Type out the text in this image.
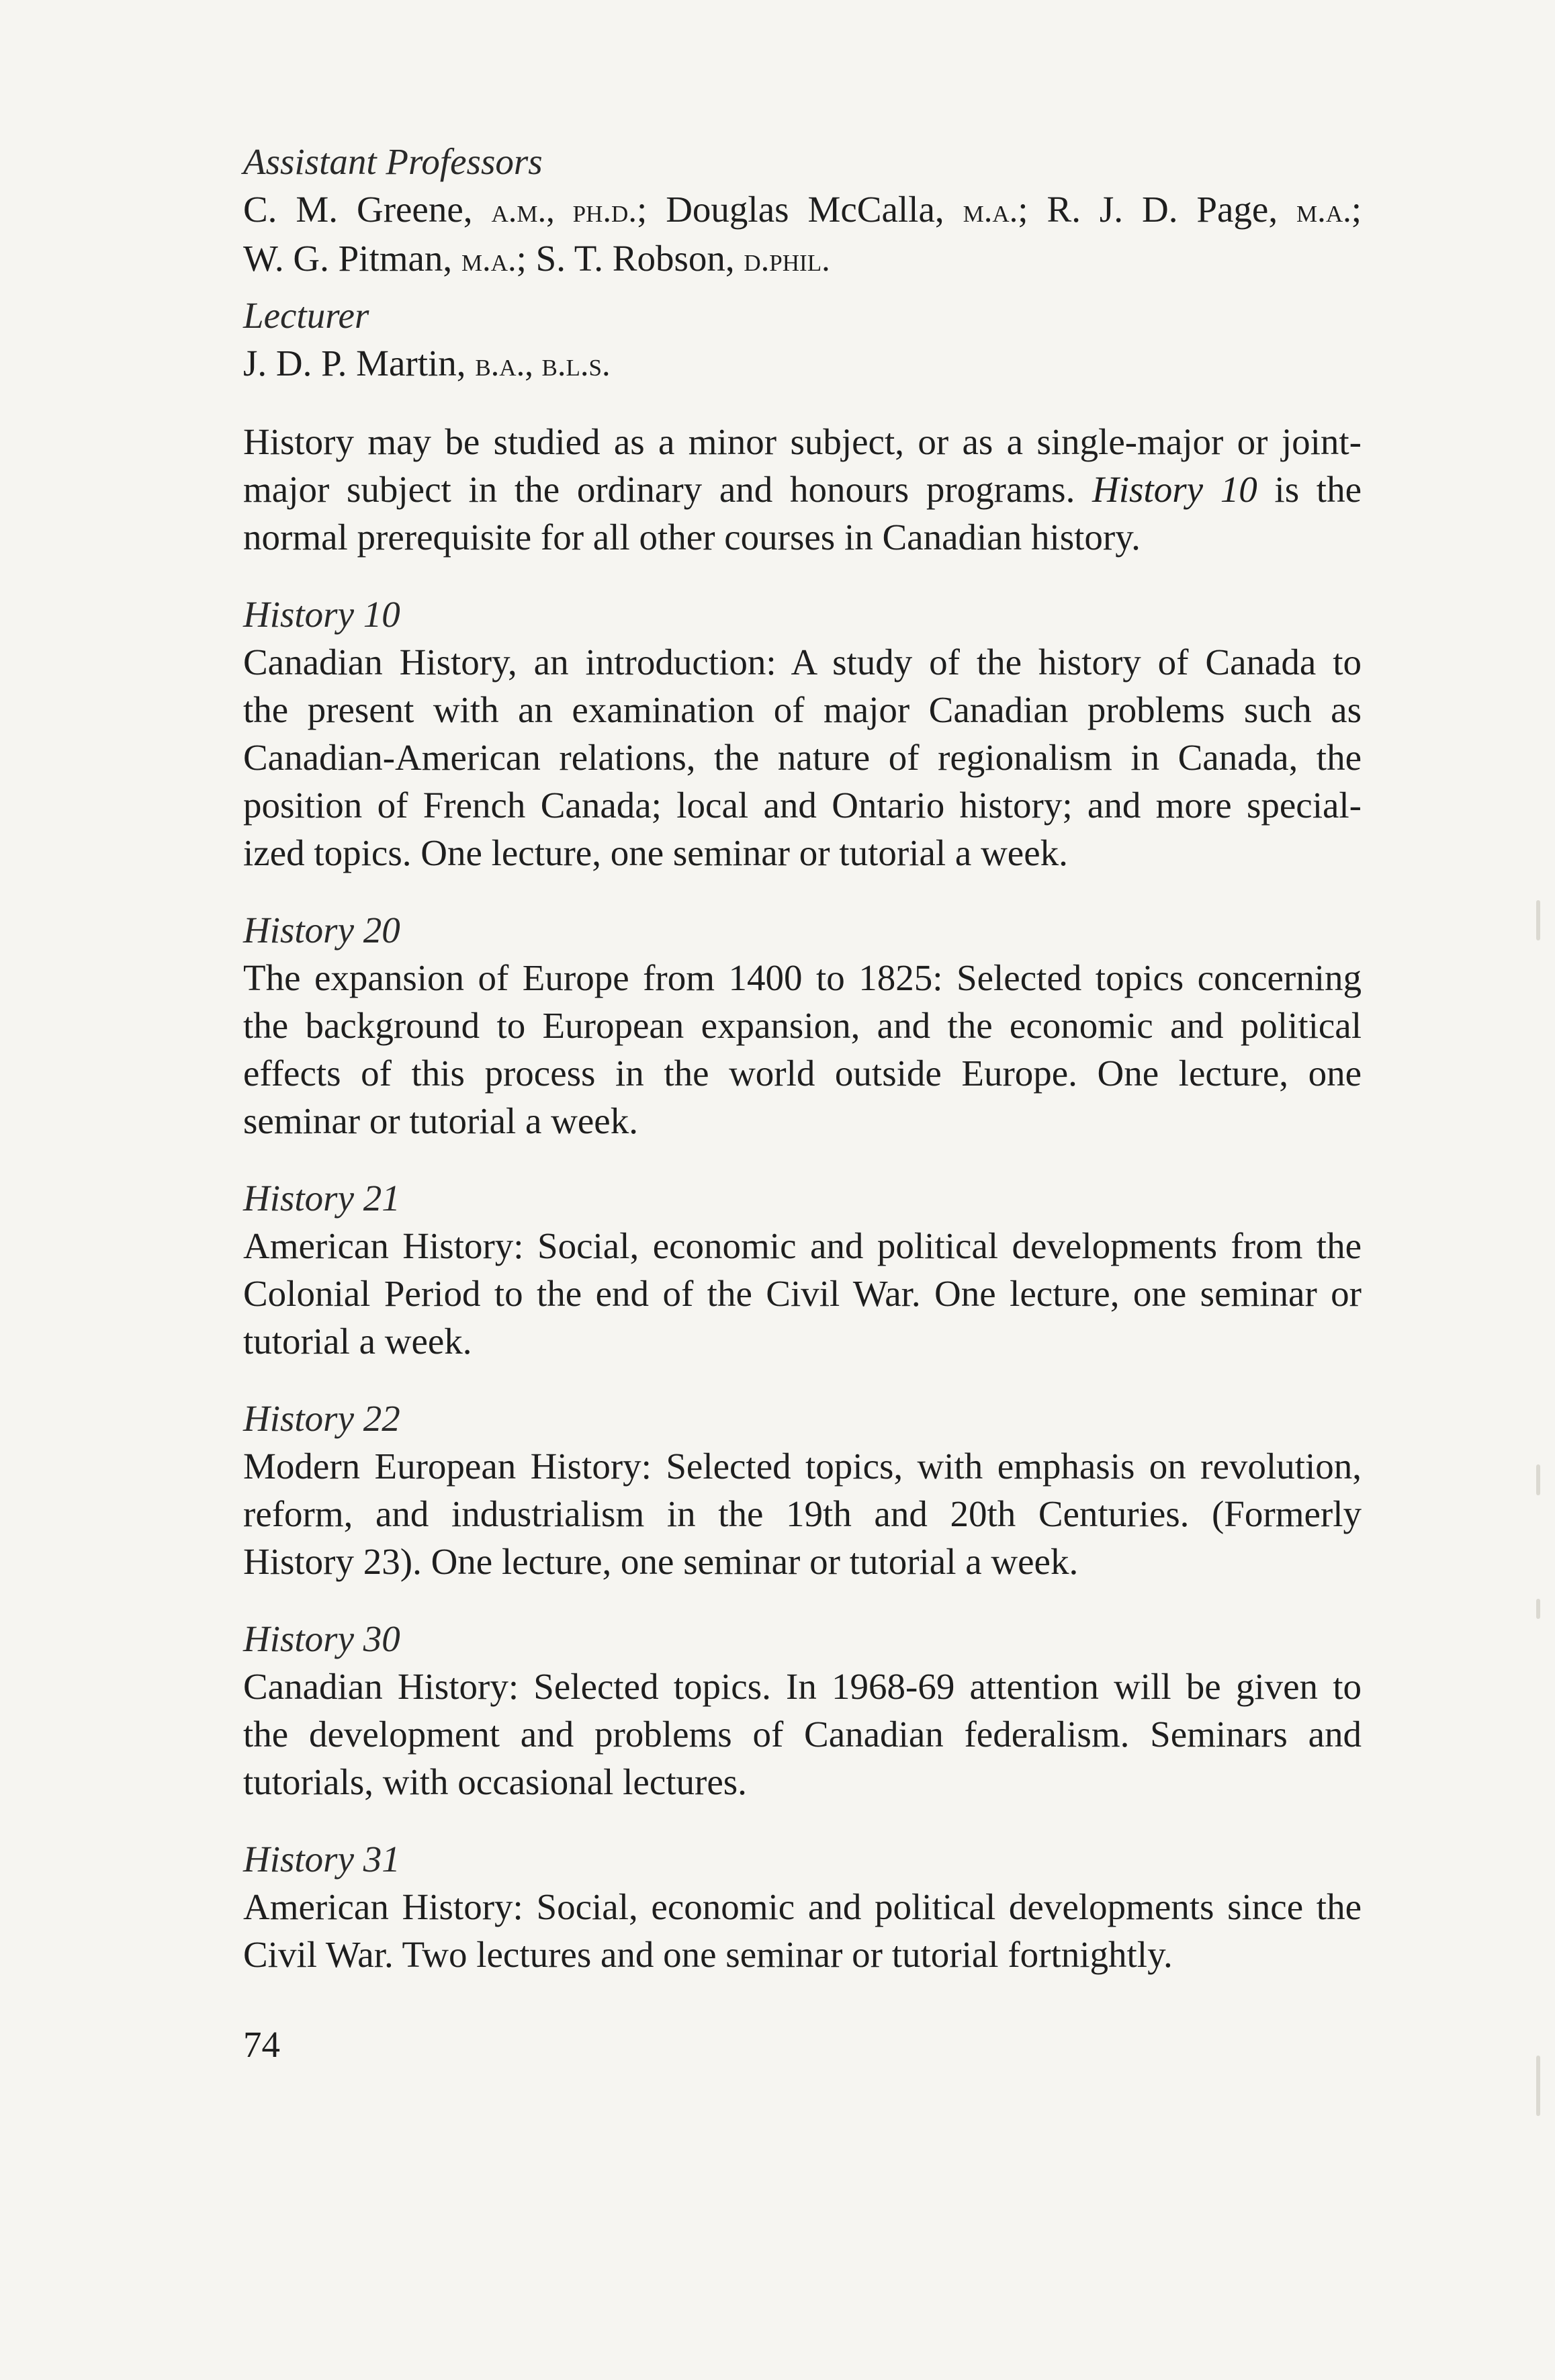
Assistant Professors

C. M. Greene, a.m., ph.d.; Douglas McCalla, m.a.; R. J. D. Page, m.a.;

W. G. Pitman, m.a.; S. T. Robson, d.phil.

Lecturer

J. D. P. Martin, b.a., b.l.s.

History may be studied as a minor subject, or as a single-major or joint-

major subject in the ordinary and honours programs. History 10 is the

normal prerequisite for all other courses in Canadian history.

History 10

Canadian History, an introduction: A study of the history of Canada to

the present with an examination of major Canadian problems such as

Canadian-American relations, the nature of regionalism in Canada, the

position of French Canada; local and Ontario history; and more special-

ized topics. One lecture, one seminar or tutorial a week.

History 20

The expansion of Europe from 1400 to 1825: Selected topics concerning

the background to European expansion, and the economic and political

effects of this process in the world outside Europe. One lecture, one

seminar or tutorial a week.

History 21

American History: Social, economic and political developments from the

Colonial Period to the end of the Civil War. One lecture, one seminar or

tutorial a week.

History 22

Modern European History: Selected topics, with emphasis on revolution,

reform, and industrialism in the 19th and 20th Centuries. (Formerly

History 23). One lecture, one seminar or tutorial a week.

History 30

Canadian History: Selected topics. In 1968-69 attention will be given to

the development and problems of Canadian federalism. Seminars and

tutorials, with occasional lectures.

History 31

American History: Social, economic and political developments since the

Civil War. Two lectures and one seminar or tutorial fortnightly.

74
